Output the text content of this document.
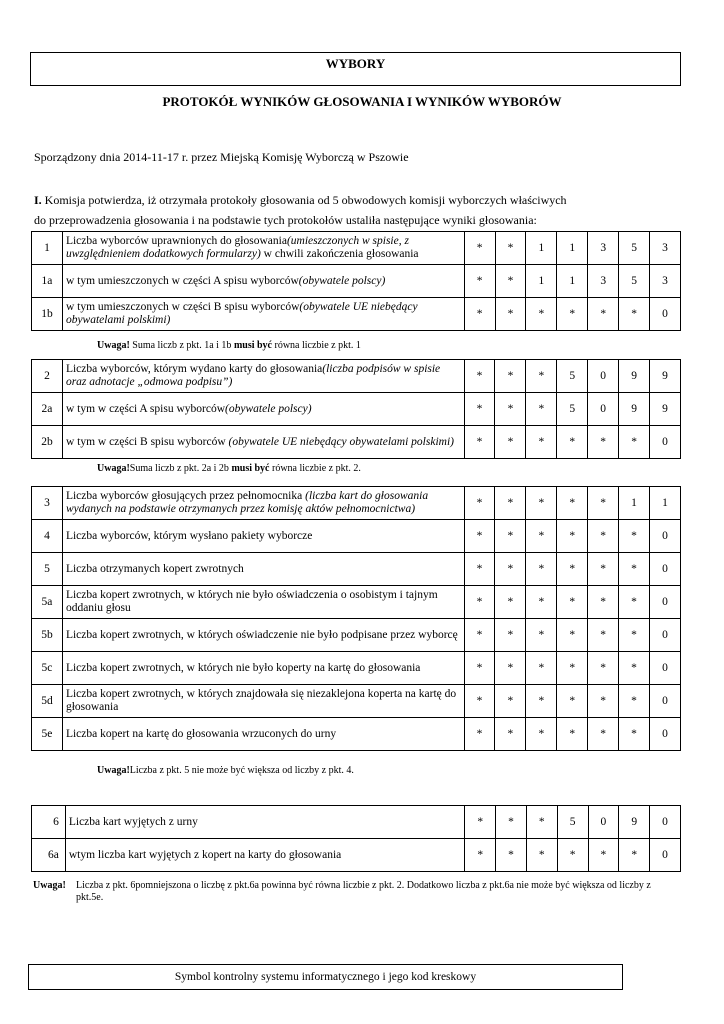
WYBORY
PROTOKÓŁ WYNIKÓW GŁOSOWANIA I WYNIKÓW WYBORÓW
Sporządzony dnia 2014-11-17 r. przez Miejską Komisję Wyborczą w Pszowie
I. Komisja potwierdza, iż otrzymała protokoły głosowania od 5 obwodowych komisji wyborczych właściwych
do przeprowadzenia głosowania i na podstawie tych protokołów ustaliła następujące wyniki głosowania:
1	Liczba wyborców uprawnionych do głosowania(umieszczonych w spisie, z uwzględnieniem dodatkowych formularzy) w chwili zakończenia głosowania	*	*	1	1	3	5	3
1a	w tym umieszczonych w części A spisu wyborców(obywatele polscy)	*	*	1	1	3	5	3
1b	w tym umieszczonych w części B spisu wyborców(obywatele UE niebędący obywatelami polskimi)	*	*	*	*	*	*	0
Uwaga! Suma liczb z pkt. 1a i 1b musi być równa liczbie z pkt. 1
2	Liczba wyborców, którym wydano karty do głosowania(liczba podpisów w spisie oraz adnotacje „odmowa podpisu”)	*	*	*	5	0	9	9
2a	w tym w części A spisu wyborców(obywatele polscy)	*	*	*	5	0	9	9
2b	w tym w części B spisu wyborców (obywatele UE niebędący obywatelami polskimi)	*	*	*	*	*	*	0
Uwaga!Suma liczb z pkt. 2a i 2b musi być równa liczbie z pkt. 2.
3	Liczba wyborców głosujących przez pełnomocnika (liczba kart do głosowania wydanych na podstawie otrzymanych przez komisję aktów pełnomocnictwa)	*	*	*	*	*	1	1
4	Liczba wyborców, którym wysłano pakiety wyborcze	*	*	*	*	*	*	0
5	Liczba otrzymanych kopert zwrotnych	*	*	*	*	*	*	0
5a	Liczba kopert zwrotnych, w których nie było oświadczenia o osobistym i tajnym oddaniu głosu	*	*	*	*	*	*	0
5b	Liczba kopert zwrotnych, w których oświadczenie nie było podpisane przez wyborcę	*	*	*	*	*	*	0
5c	Liczba kopert zwrotnych, w których nie było koperty na kartę do głosowania	*	*	*	*	*	*	0
5d	Liczba kopert zwrotnych, w których znajdowała się niezaklejona koperta na kartę do głosowania	*	*	*	*	*	*	0
5e	Liczba kopert na kartę do głosowania wrzuconych do urny	*	*	*	*	*	*	0
Uwaga!Liczba z pkt. 5 nie może być większa od liczby z pkt. 4.
6	Liczba kart wyjętych z urny	*	*	*	5	0	9	0
6a	wtym liczba kart wyjętych z kopert na karty do głosowania	*	*	*	*	*	*	0
Uwaga!	Liczba z pkt. 6pomniejszona o liczbę z pkt.6a powinna być równa liczbie z pkt. 2. Dodatkowo liczba z pkt.6a nie może być większa od liczby z pkt.5e.
Symbol kontrolny systemu informatycznego i jego kod kreskowy
